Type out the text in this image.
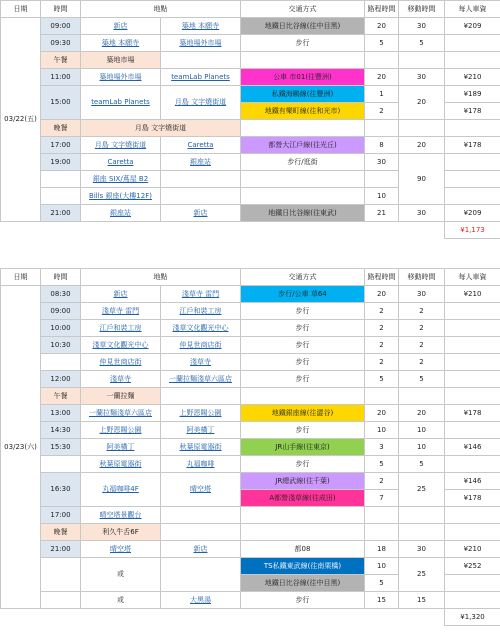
日期	時間	地點		交通方式	路程時間	移動時間	每人車資
03/22(五)	09:00	新店	築地 本願寺	地鐵日比谷線(往中目黑)	20	30	¥209
	09:30	築地 本願寺	築地場外市場	步行	5	5	
	午餐	築地市場					
	11:00	築地場外市場	teamLab Planets	公車 市01(往豐洲)	20	30	¥210
	15:00	teamLab Planets	月島 文字燒街道	私鐵海鷗線(往豐洲)	1	20	¥189
				地鐵有樂町線(往和光市)	2		¥178
	晚餐	月島 文字燒街道					
	17:00	月島 文字燒街道	Caretta	都營大江戶線(往光丘)	8	20	¥178
	19:00	Caretta	銀座站	步行/逛街	30	90	
		銀座 SIX/蔦屋 B2					
		Bills 銀座(大樓12F)			10		
	21:00	銀座站	新店	地鐵日比谷線(往東武)	21	30	¥209
							¥1,173
日期	時間	地點		交通方式	路程時間	移動時間	每人車資
03/23(六)	08:30	新店	淺草寺 雷門	步行/公車 草64	20	30	¥210
	09:00	淺草寺 雷門	江戶和裝工房	步行	2	2	
	10:00	江戶和裝工房	淺草文化觀光中心	步行	2	2	
	10:30	淺草文化觀光中心	仲見世商店街	步行	2	2	
		仲見世商店街	淺草寺	步行	2	2	
	12:00	淺草寺	一蘭拉麵淺草六區店	步行	5	5	
	午餐	一蘭拉麵					
	13:00	一蘭拉麵淺草六區店	上野恩賜公園	地鐵銀座線(往澀谷)	20	20	¥178
	14:30	上野恩賜公園	阿美橫丁	步行	10	10	
	15:30	阿美橫丁	秋葉原電器街	JR山手線(往東京)	3	10	¥146
		秋葉原電器街	丸福咖啡	步行	5	5	
	16:30	丸福咖啡4F	晴空塔	JR總武線(往千葉)	2	25	¥146
				A都營淺草線(往成田)	7		¥178
	17:00	晴空塔景觀台					
	晚餐	利久牛舌6F					
	21:00	晴空塔	新店	都08	18	30	¥210
		或		TS私鐵東武線(往南栗橋)	10	25	¥252
				地鐵日比谷線(往中目黑)	5		
		或	大黑湯	步行	15	15	
							¥1,320
